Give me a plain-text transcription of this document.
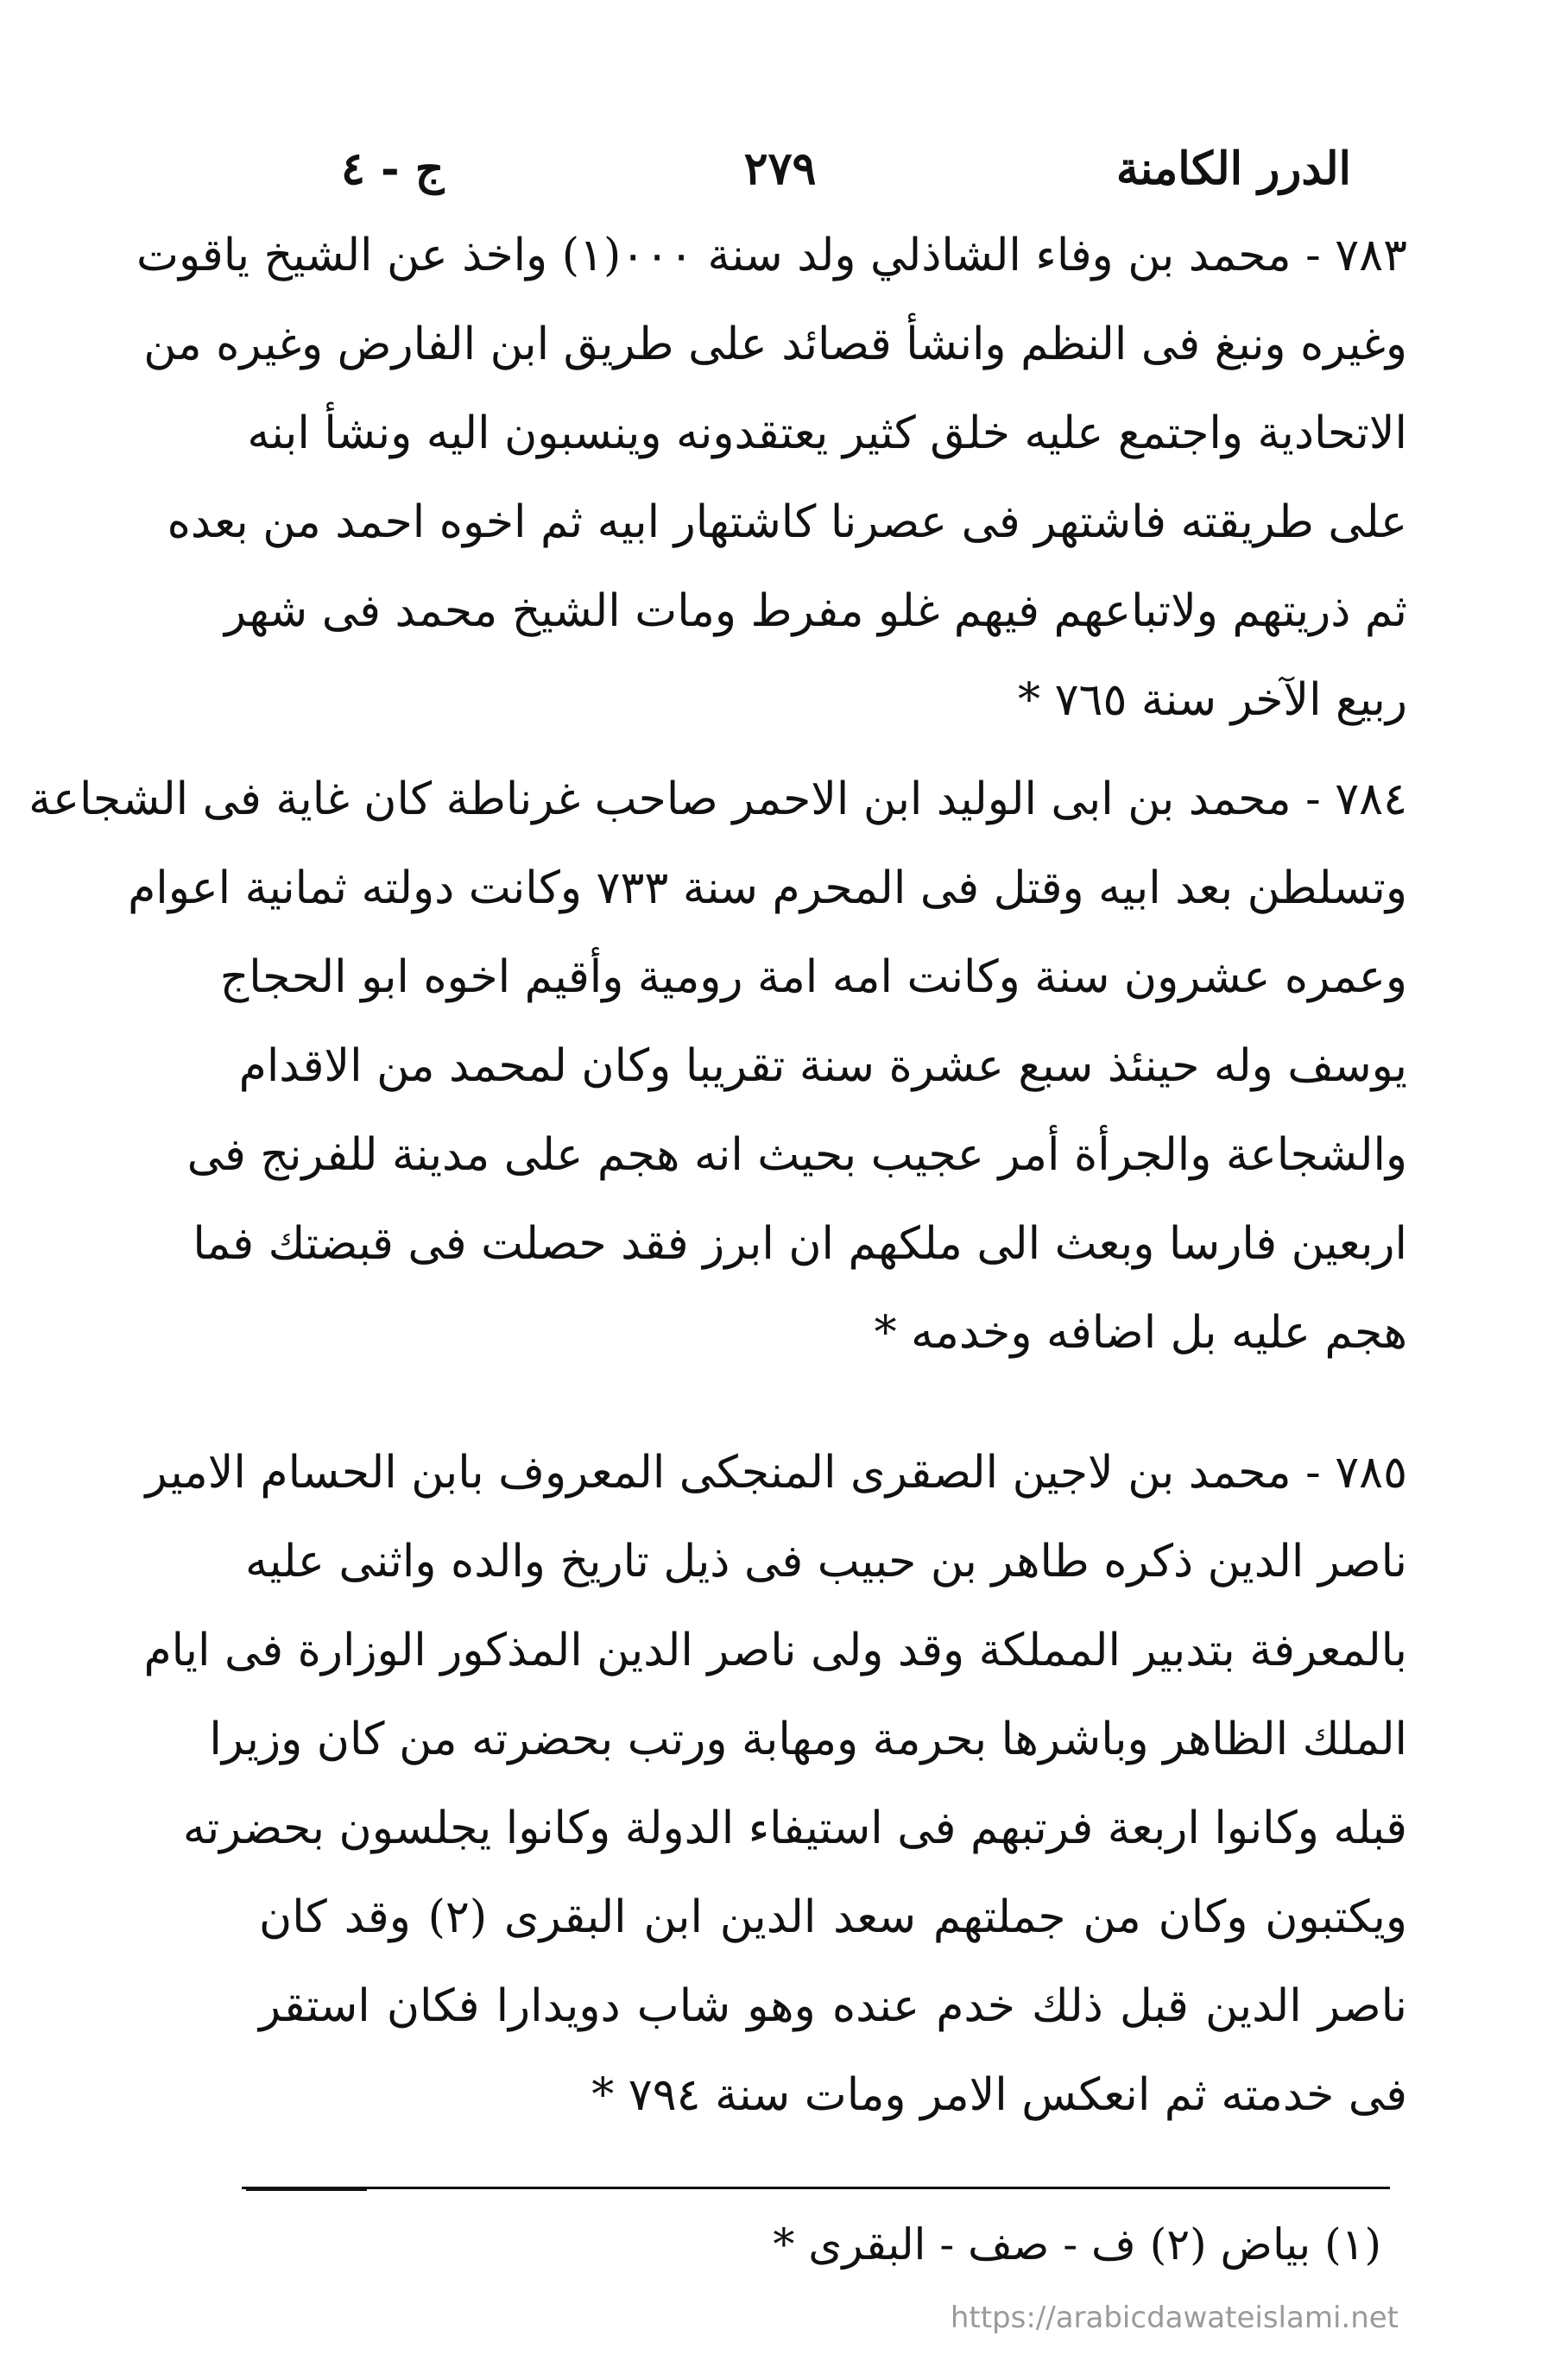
الدرر الكامنة
٢٧٩
ج - ٤
٧٨٣ - محمد بن وفاء الشاذلي ولد سنة ٠٠٠(١) واخذ عن الشيخ ياقوت
وغيره ونبغ فى النظم وانشأ قصائد على طريق ابن الفارض وغيره من
الاتحادية واجتمع عليه خلق كثير يعتقدونه وينسبون اليه ونشأ ابنه
على طريقته فاشتهر فى عصرنا كاشتهار ابيه ثم اخوه احمد من بعده
ثم ذريتهم ولاتباعهم فيهم غلو مفرط ومات الشيخ محمد فى شهر
ربيع الآخر سنة ٧٦٥ *
٧٨٤ - محمد بن ابى الوليد ابن الاحمر صاحب غرناطة كان غاية فى الشجاعة
وتسلطن بعد ابيه وقتل فى المحرم سنة ٧٣٣ وكانت دولته ثمانية اعوام
وعمره عشرون سنة وكانت امه امة رومية وأقيم اخوه ابو الحجاج
يوسف وله حينئذ سبع عشرة سنة تقريبا وكان لمحمد من الاقدام
والشجاعة والجرأة أمر عجيب بحيث انه هجم على مدينة للفرنج فى
اربعين فارسا وبعث الى ملكهم ان ابرز فقد حصلت فى قبضتك فما
هجم عليه بل اضافه وخدمه *
٧٨٥ - محمد بن لاجين الصقرى المنجكى المعروف بابن الحسام الامير
ناصر الدين ذكره طاهر بن حبيب فى ذيل تاريخ والده واثنى عليه
بالمعرفة بتدبير المملكة وقد ولى ناصر الدين المذكور الوزارة فى ايام
الملك الظاهر وباشرها بحرمة ومهابة ورتب بحضرته من كان وزيرا
قبله وكانوا اربعة فرتبهم فى استيفاء الدولة وكانوا يجلسون بحضرته
ويكتبون وكان من جملتهم سعد الدين ابن البقرى (٢) وقد كان
ناصر الدين قبل ذلك خدم عنده وهو شاب دويدارا فكان استقر
فى خدمته ثم انعكس الامر ومات سنة ٧٩٤ *
(١) بياض (٢) ف - صف - البقرى *
https://arabicdawateislami.net
